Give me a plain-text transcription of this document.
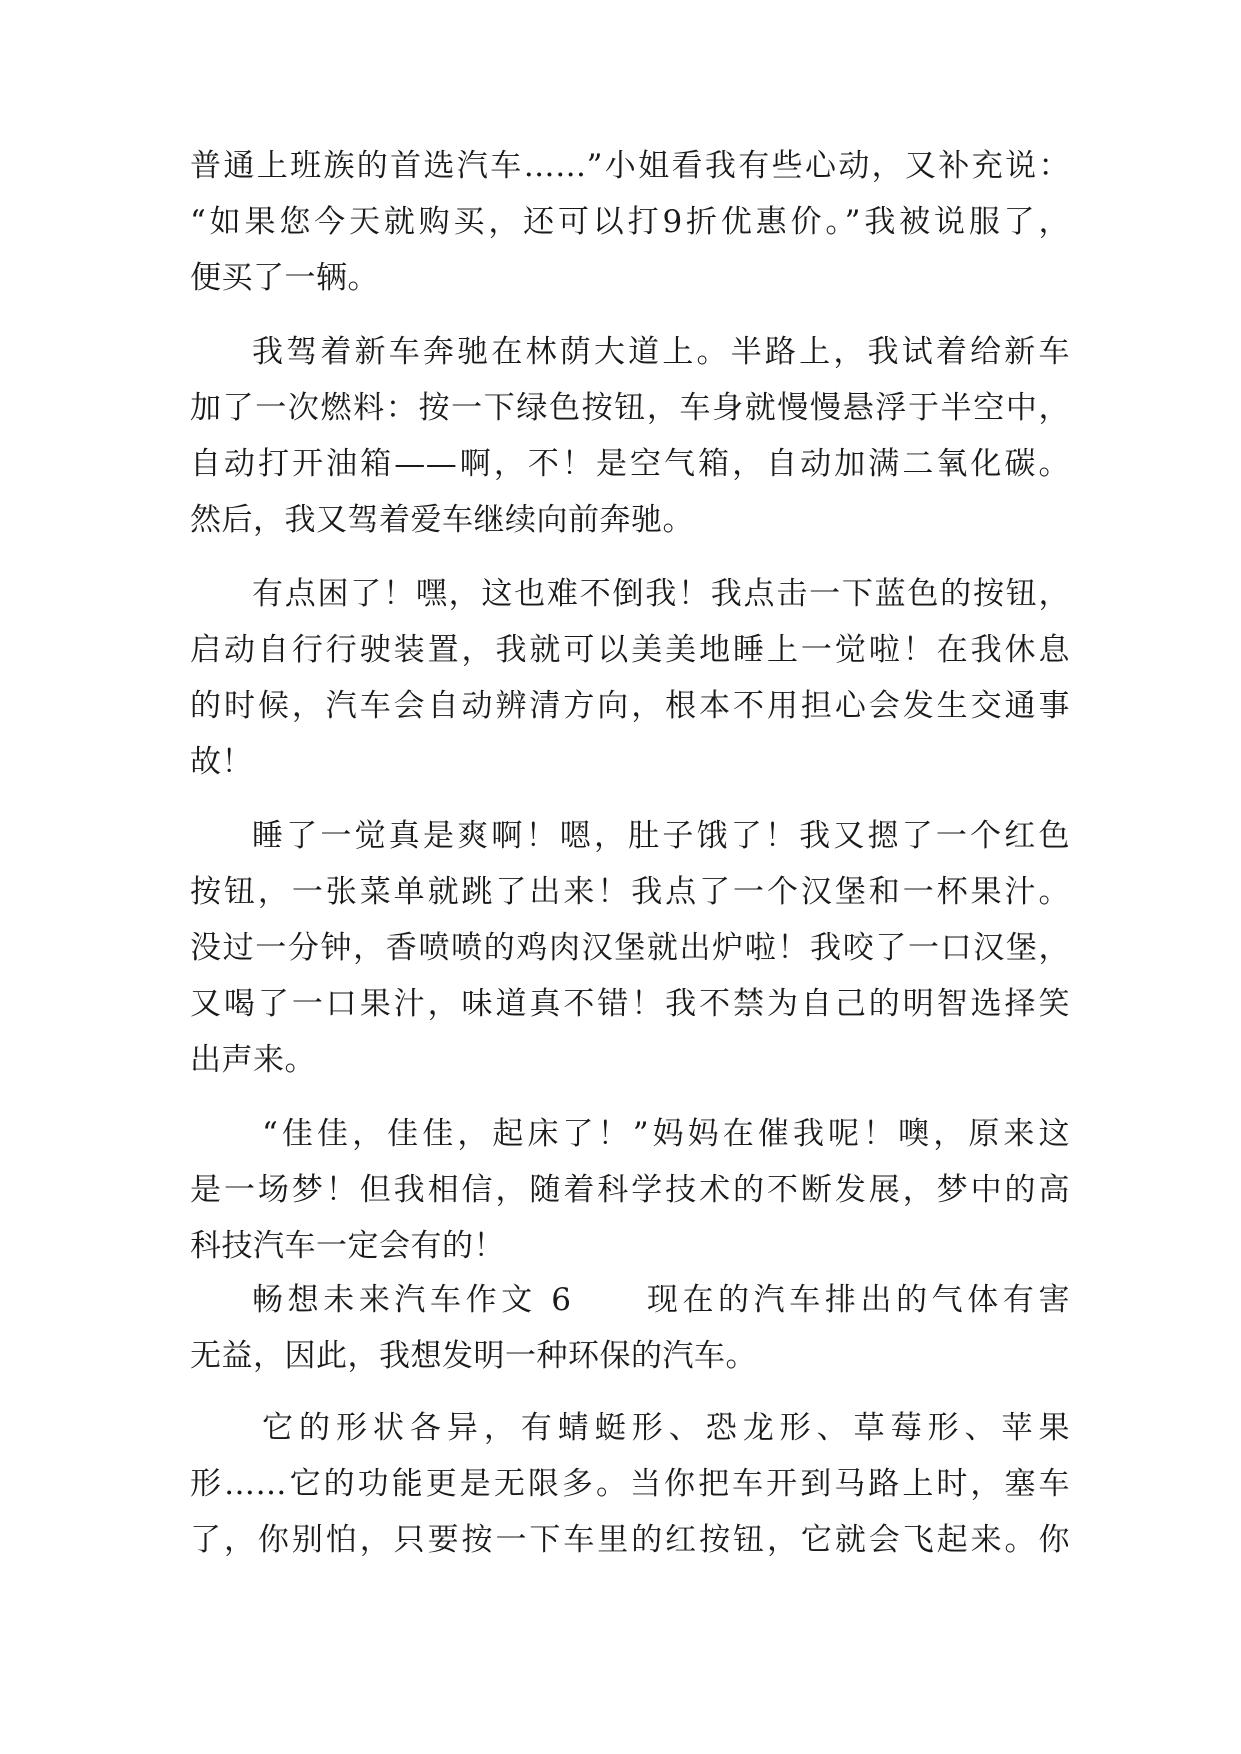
普通上班族的首选汽车……”小姐看我有些心动，又补充说：
“如果您今天就购买，还可以打9折优惠价。”我被说服了，
便买了一辆。
我驾着新车奔驰在林荫大道上。半路上，我试着给新车
加了一次燃料：按一下绿色按钮，车身就慢慢悬浮于半空中，
自动打开油箱——啊，不！是空气箱，自动加满二氧化碳。
然后，我又驾着爱车继续向前奔驰。
有点困了！嘿，这也难不倒我！我点击一下蓝色的按钮，
启动自行行驶装置，我就可以美美地睡上一觉啦！在我休息
的时候，汽车会自动辨清方向，根本不用担心会发生交通事
故！
睡了一觉真是爽啊！嗯，肚子饿了！我又摁了一个红色
按钮，一张菜单就跳了出来！我点了一个汉堡和一杯果汁。
没过一分钟，香喷喷的鸡肉汉堡就出炉啦！我咬了一口汉堡，
又喝了一口果汁，味道真不错！我不禁为自己的明智选择笑
出声来。
“佳佳，佳佳，起床了！”妈妈在催我呢！噢，原来这
是一场梦！但我相信，随着科学技术的不断发展，梦中的高
科技汽车一定会有的！
畅想未来汽车作文 6　　现在的汽车排出的气体有害
无益，因此，我想发明一种环保的汽车。
它的形状各异，有蜻蜓形、恐龙形、草莓形、苹果
形……它的功能更是无限多。当你把车开到马路上时，塞车
了，你别怕，只要按一下车里的红按钮，它就会飞起来。你
